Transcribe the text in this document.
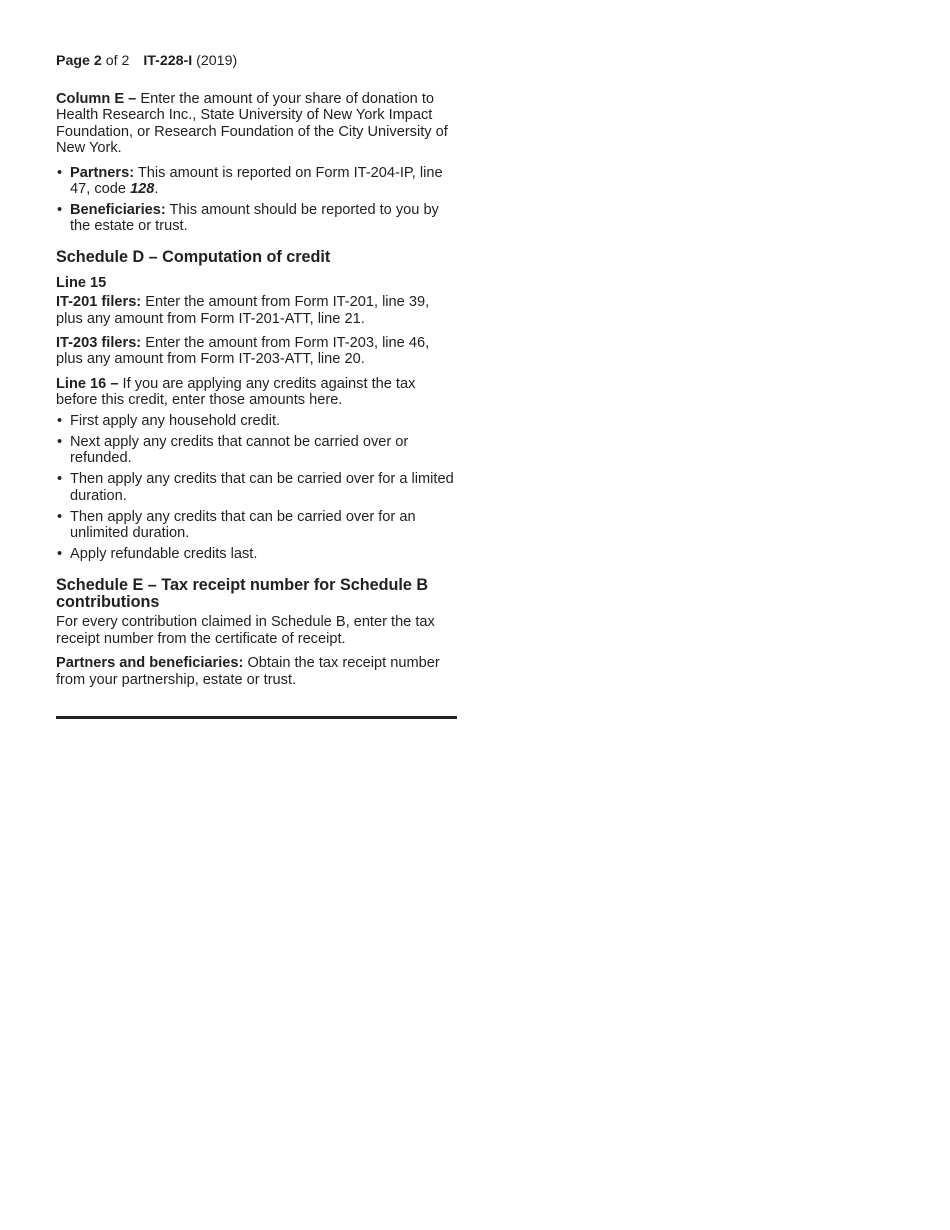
Page 2 of 2 IT-228-I (2019)

Column E – Enter the amount of your share of donation to Health Research Inc., State University of New York Impact Foundation, or Research Foundation of the City University of New York.

• Partners: This amount is reported on Form IT-204-IP, line 47, code 128.
• Beneficiaries: This amount should be reported to you by the estate or trust.
Schedule D – Computation of credit
Line 15

IT-201 filers: Enter the amount from Form IT-201, line 39, plus any amount from Form IT-201-ATT, line 21.

IT-203 filers: Enter the amount from Form IT-203, line 46, plus any amount from Form IT-203-ATT, line 20.

Line 16 – If you are applying any credits against the tax before this credit, enter those amounts here.

• First apply any household credit.
• Next apply any credits that cannot be carried over or refunded.
• Then apply any credits that can be carried over for a limited duration.
• Then apply any credits that can be carried over for an unlimited duration.
• Apply refundable credits last.
Schedule E – Tax receipt number for Schedule B contributions

For every contribution claimed in Schedule B, enter the tax receipt number from the certificate of receipt.

Partners and beneficiaries: Obtain the tax receipt number from your partnership, estate or trust.
